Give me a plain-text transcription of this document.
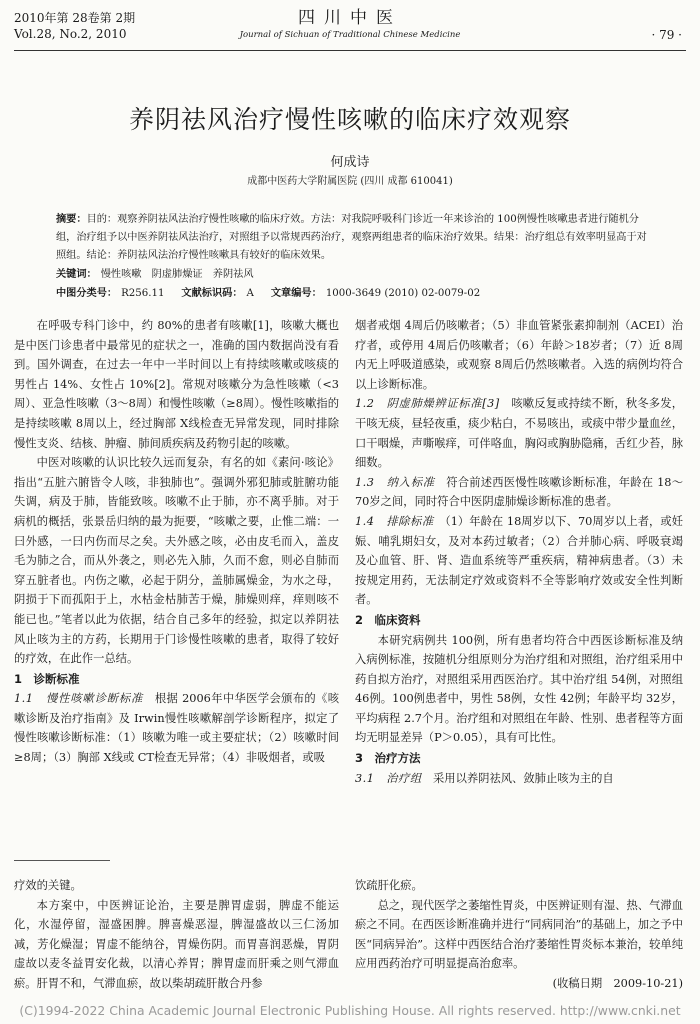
2010年第 28卷第 2期
Vol.28, No.2, 2010
四川中医
Journal of Sichuan of Traditional Chinese Medicine	· 79 ·
养阴祛风治疗慢性咳嗽的临床疗效观察
何成诗
成都中医药大学附属医院 (四川 成都 610041)
摘要：目的：观察养阴祛风法治疗慢性咳嗽的临床疗效。方法：对我院呼吸科门诊近一年来诊治的 100例慢性咳嗽患者进行随机分组，治疗组予以中医养阴祛风法治疗，对照组予以常规西药治疗，观察两组患者的临床治疗效果。结果：治疗组总有效率明显高于对照组。结论：养阴祛风法治疗慢性咳嗽具有较好的临床效果。
关键词： 慢性咳嗽　阴虚肺燥证　养阴祛风
中图分类号： R256.11 文献标识码： A 文章编号： 1000-3649 (2010) 02-0079-02

在呼吸专科门诊中，约 80%的患者有咳嗽[1]，咳嗽大概也是中医门诊患者中最常见的症状之一，准确的国内数据尚没有看到。国外调查，在过去一年中一半时间以上有持续咳嗽或咳痰的男性占 14%、女性占 10%[2]。常规对咳嗽分为急性咳嗽（<3周）、亚急性咳嗽（3～8周）和慢性咳嗽（≥8周）。慢性咳嗽指的是持续咳嗽 8周以上，经过胸部 X线检查无异常发现，同时排除慢性支炎、结核、肿瘤、肺间质疾病及药物引起的咳嗽。

中医对咳嗽的认识比较久远而复杂，有名的如《素问·咳论》指出“五脏六腑皆令人咳，非独肺也”。强调外邪犯肺或脏腑功能失调，病及于肺，皆能致咳。咳嗽不止于肺，亦不离乎肺。对于病机的概括，张景岳归纳的最为扼要，“咳嗽之要，止惟二端：一曰外感，一曰内伤而尽之矣。夫外感之咳，必由皮毛而入，盖皮毛为肺之合，而从外袭之，则必先入肺，久而不愈，则必自肺而穿五脏者也。内伤之嗽，必起于阴分，盖肺属燥金，为水之母，阴损于下而孤阳于上，水枯金枯肺苦于燥，肺燥则痒，痒则咳不能已也。”笔者以此为依据，结合自己多年的经验，拟定以养阴祛风止咳为主的方药，长期用于门诊慢性咳嗽的患者，取得了较好的疗效，在此作一总结。

1　诊断标准

1.1　慢性咳嗽诊断标准　 根据 2006年中华医学会颁布的《咳嗽诊断及治疗指南》及 Irwin慢性咳嗽解剖学诊断程序，拟定了慢性咳嗽诊断标准：（1）咳嗽为唯一或主要症状；（2）咳嗽时间≥8周；（3）胸部 X线或 CT检查无异常；（4）非吸烟者，或吸

烟者戒烟 4周后仍咳嗽者；（5）非血管紧张素抑制剂（ACEI）治疗者，或停用 4周后仍咳嗽者；（6）年龄＞18岁者；（7）近 8周内无上呼吸道感染，或观察 8周后仍然咳嗽者。入选的病例均符合以上诊断标准。

1.2　阴虚肺燥辨证标准[3]　 咳嗽反复或持续不断，秋冬多发，干咳无痰，昼轻夜重，痰少粘白，不易咳出，或痰中带少量血丝，口干咽燥，声嘶喉痒，可伴咯血，胸闷或胸胁隐痛，舌红少苔，脉细数。

1.3　纳入标准　 符合前述西医慢性咳嗽诊断标准，年龄在 18～70岁之间，同时符合中医阴虚肺燥诊断标准的患者。

1.4　排除标准　 （1）年龄在 18周岁以下、70周岁以上者，或妊娠、哺乳期妇女，及对本药过敏者；（2）合并肺心病、呼吸衰竭及心血管、肝、肾、造血系统等严重疾病，精神病患者。（3）未按规定用药，无法制定疗效或资料不全等影响疗效或安全性判断者。

2　临床资料

本研究病例共 100例，所有患者均符合中西医诊断标准及纳入病例标准，按随机分组原则分为治疗组和对照组，治疗组采用中药自拟方治疗，对照组采用西医治疗。其中治疗组 54例，对照组 46例。100例患者中，男性 58例，女性 42例；年龄平均 32岁，平均病程 2.7个月。治疗组和对照组在年龄、性别、患者程等方面均无明显差异（P＞0.05），具有可比性。

3　治疗方法

3.1　治疗组　 采用以养阴祛风、敛肺止咳为主的自

疗效的关键。

本方案中，中医辨证论治，主要是脾胃虚弱，脾虚不能运化，水湿停留，湿盛困脾。脾喜燥恶湿，脾湿盛故以三仁汤加减，芳化燥湿；胃虚不能纳谷，胃燥伤阴。而胃喜润恶燥，胃阴虚故以麦冬益胃安化裁，以清心养胃；脾胃虚而肝乘之则气滞血瘀。肝胃不和，气滞血瘀，故以柴胡疏肝散合丹参

饮疏肝化瘀。

总之，现代医学之萎缩性胃炎，中医辨证则有湿、热、气滞血瘀之不同。在西医诊断准确并进行“同病同治”的基础上，加之予中医“同病异治”。这样中西医结合治疗萎缩性胃炎标本兼治，较单纯应用西药治疗可明显提高治愈率。

(收稿日期　2009-10-21)
(C)1994-2022 China Academic Journal Electronic Publishing House. All rights reserved. http://www.cnki.net
